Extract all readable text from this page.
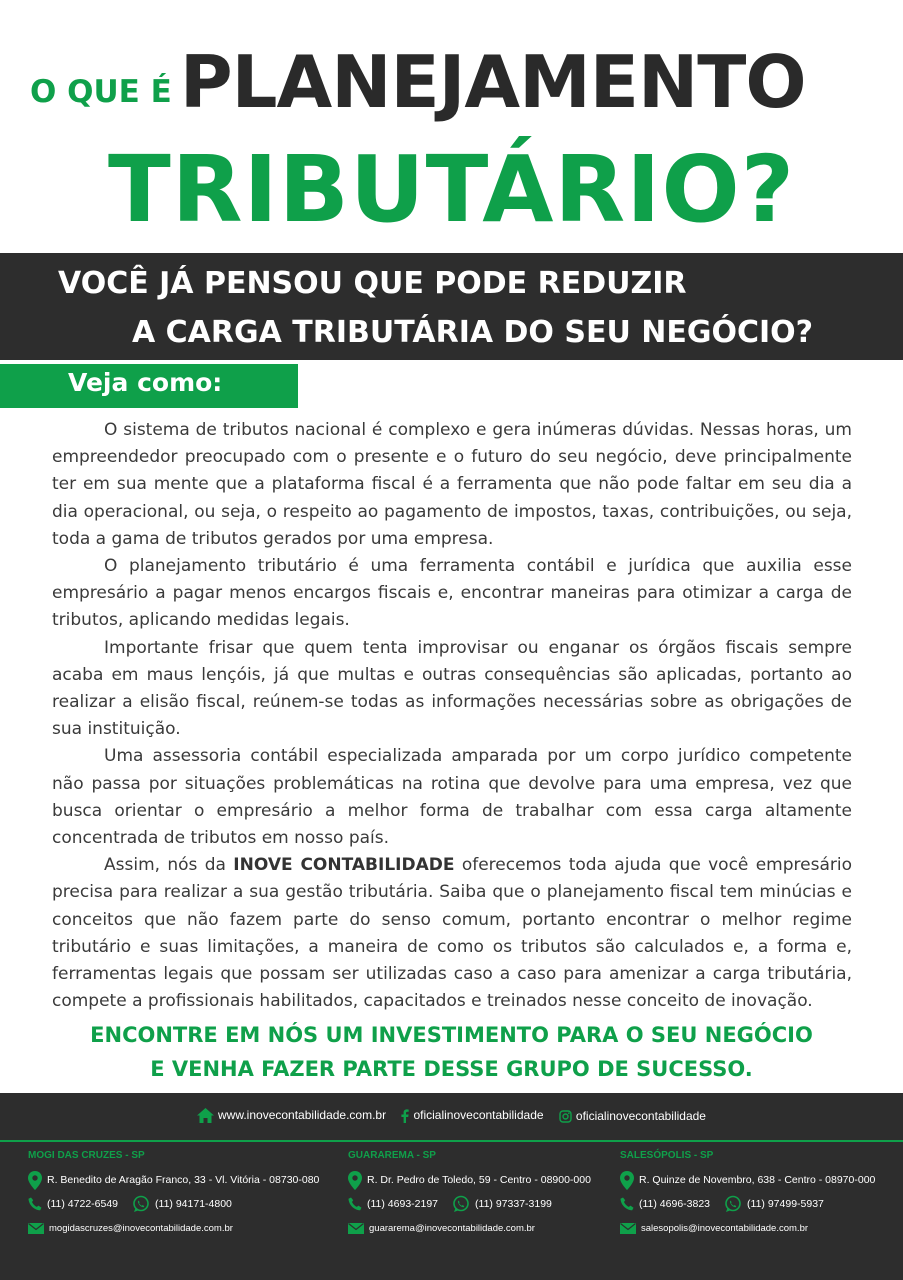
O QUE É PLANEJAMENTO
TRIBUTÁRIO?
VOCÊ JÁ PENSOU QUE PODE REDUZIR
A CARGA TRIBUTÁRIA DO SEU NEGÓCIO?
Veja como:

O sistema de tributos nacional é complexo e gera inúmeras dúvidas. Nessas horas, um empreendedor preocupado com o presente e o futuro do seu negócio, deve principalmente ter em sua mente que a plataforma fiscal é a ferramenta que não pode faltar em seu dia a dia operacional, ou seja, o respeito ao pagamento de impostos, taxas, contribuições, ou seja, toda a gama de tributos gerados por uma empresa.

O planejamento tributário é uma ferramenta contábil e jurídica que auxilia esse empresário a pagar menos encargos fiscais e, encontrar maneiras para otimizar a carga de tributos, aplicando medidas legais.

Importante frisar que quem tenta improvisar ou enganar os órgãos fiscais sempre acaba em maus lençóis, já que multas e outras consequências são aplicadas, portanto ao realizar a elisão fiscal, reúnem-se todas as informações necessárias sobre as obrigações de sua instituição.

Uma assessoria contábil especializada amparada por um corpo jurídico competente não passa por situações problemáticas na rotina que devolve para uma empresa, vez que busca orientar o empresário a melhor forma de trabalhar com essa carga altamente concentrada de tributos em nosso país.

Assim, nós da INOVE CONTABILIDADE oferecemos toda ajuda que você empresário precisa para realizar a sua gestão tributária. Saiba que o planejamento fiscal tem minúcias e conceitos que não fazem parte do senso comum, portanto encontrar o melhor regime tributário e suas limitações, a maneira de como os tributos são calculados e, a forma e, ferramentas legais que possam ser utilizadas caso a caso para amenizar a carga tributária, compete a profissionais habilitados, capacitados e treinados nesse conceito de inovação.

ENCONTRE EM NÓS UM INVESTIMENTO PARA O SEU NEGÓCIO
E VENHA FAZER PARTE DESSE GRUPO DE SUCESSO.
www.inovecontabilidade.com.br oficialinovecontabilidade	oficialinovecontabilidade
MOGI DAS CRUZES - SP
R. Benedito de Aragão Franco, 33 - Vl. Vitória - 08730-080
(11) 4722-6549	(11) 94171-4800
mogidascruzes@inovecontabilidade.com.br
GUARAREMA - SP
R. Dr. Pedro de Toledo, 59 - Centro - 08900-000
(11) 4693-2197	(11) 97337-3199
guararema@inovecontabilidade.com.br
SALESÓPOLIS - SP
R. Quinze de Novembro, 638 - Centro - 08970-000
(11) 4696-3823	(11) 97499-5937
salesopolis@inovecontabilidade.com.br
